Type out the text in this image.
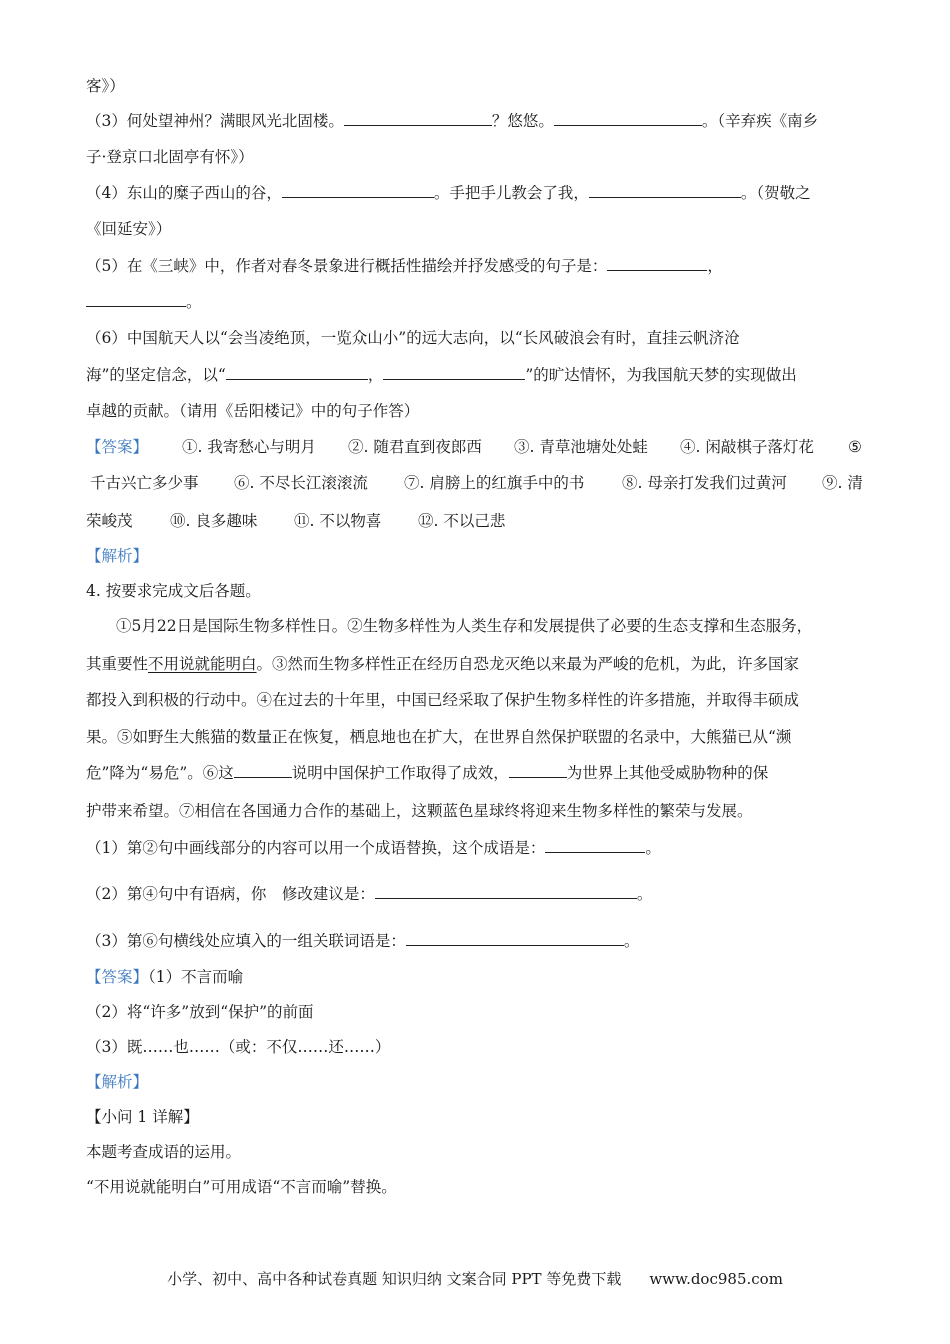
客》）
（3）何处望神州？满眼风光北固楼。	？悠悠。	。（辛弃疾《南乡
子·登京口北固亭有怀》）
（4）东山的糜子西山的谷，	。手把手儿教会了我，	。（贺敬之
《回延安》）
（5）在《三峡》中，作者对春冬景象进行概括性描绘并抒发感受的句子是：	，
。
（6）中国航天人以“会当凌绝顶，一览众山小”的远大志向，以“长风破浪会有时，直挂云帆济沧
海”的坚定信念，以“	，	”的旷达情怀，为我国航天梦的实现做出
卓越的贡献。（请用《岳阳楼记》中的句子作答）
【答案】 ①. 我寄愁心与明月 ②. 随君直到夜郎西 ③. 青草池塘处处蛙 ④. 闲敲棋子落灯花 ⑤
千古兴亡多少事 ⑥. 不尽长江滚滚流 ⑦. 肩膀上的红旗手中的书 ⑧. 母亲打发我们过黄河 ⑨. 清
荣峻茂 ⑩. 良多趣味 ⑪. 不以物喜 ⑫. 不以己悲
【解析】
4. 按要求完成文后各题。
①5月22日是国际生物多样性日。②生物多样性为人类生存和发展提供了必要的生态支撑和生态服务，
其重要性不用说就能明白。③然而生物多样性正在经历自恐龙灭绝以来最为严峻的危机，为此，许多国家
都投入到积极的行动中。④在过去的十年里，中国已经采取了保护生物多样性的许多措施，并取得丰硕成
果。⑤如野生大熊猫的数量正在恢复，栖息地也在扩大，在世界自然保护联盟的名录中，大熊猫已从“濒
危”降为“易危”。⑥这	说明中国保护工作取得了成效，	为世界上其他受威胁物种的保
护带来希望。⑦相信在各国通力合作的基础上，这颗蓝色星球终将迎来生物多样性的繁荣与发展。
（1）第②句中画线部分的内容可以用一个成语替换，这个成语是：	。
（2）第④句中有语病，你　修改建议是：	。
（3）第⑥句横线处应填入的一组关联词语是：	。
【答案】（1）不言而喻
（2）将“许多”放到“保护”的前面
（3）既……也……（或：不仅……还……）
【解析】
【小问 1 详解】
本题考查成语的运用。
“不用说就能明白”可用成语“不言而喻”替换。
小学、初中、高中各种试卷真题 知识归纳 文案合同 PPT 等免费下载 www.doc985.com
